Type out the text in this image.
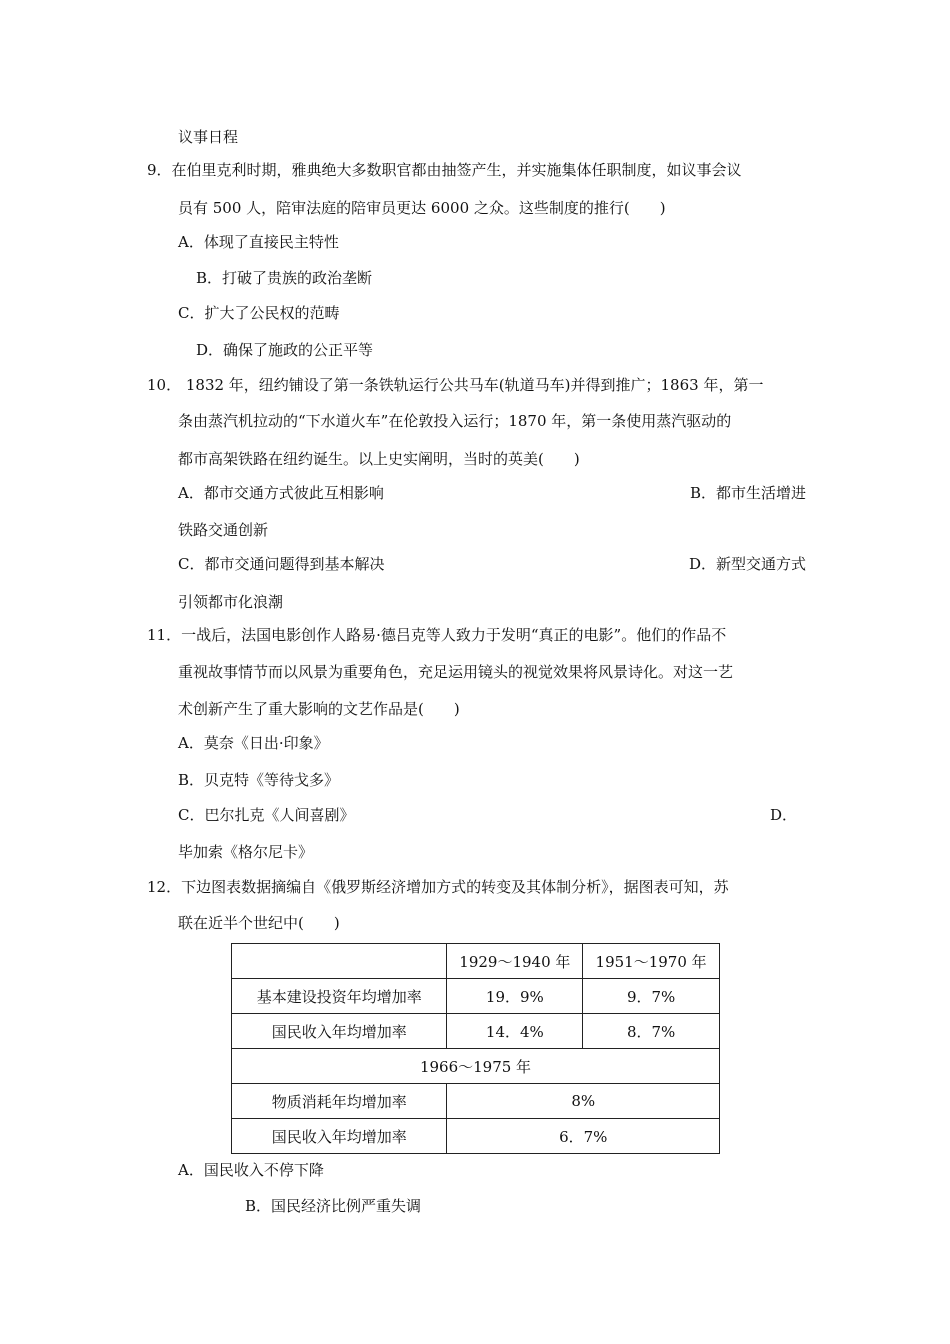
议事日程
9．在伯里克利时期，雅典绝大多数职官都由抽签产生，并实施集体任职制度，如议事会议
员有 500 人，陪审法庭的陪审员更达 6000 之众。这些制度的推行(　　)
A．体现了直接民主特性
B．打破了贵族的政治垄断
C．扩大了公民权的范畴
D．确保了施政的公正平等
10． 1832 年，纽约铺设了第一条铁轨运行公共马车(轨道马车)并得到推广；1863 年，第一
条由蒸汽机拉动的“下水道火车”在伦敦投入运行；1870 年，第一条使用蒸汽驱动的
都市高架铁路在纽约诞生。以上史实阐明，当时的英美(　　)
A．都市交通方式彼此互相影响	B．都市生活增进
铁路交通创新
C．都市交通问题得到基本解决	D．新型交通方式
引领都市化浪潮
11．一战后，法国电影创作人路易·德吕克等人致力于发明“真正的电影”。他们的作品不
重视故事情节而以风景为重要角色，充足运用镜头的视觉效果将风景诗化。对这一艺
术创新产生了重大影响的文艺作品是(　　)
A．莫奈《日出·印象》
B．贝克特《等待戈多》
C．巴尔扎克《人间喜剧》	D．
毕加索《格尔尼卡》
12．下边图表数据摘编自《俄罗斯经济增加方式的转变及其体制分析》，据图表可知，苏
联在近半个世纪中(　　)
	1929～1940 年	1951～1970 年
基本建设投资年均增加率	19．9%	9．7%
国民收入年均增加率	14．4%	8．7%
1966～1975 年		
物质消耗年均增加率	8%	
国民收入年均增加率	6．7%	
A．国民收入不停下降
B．国民经济比例严重失调
